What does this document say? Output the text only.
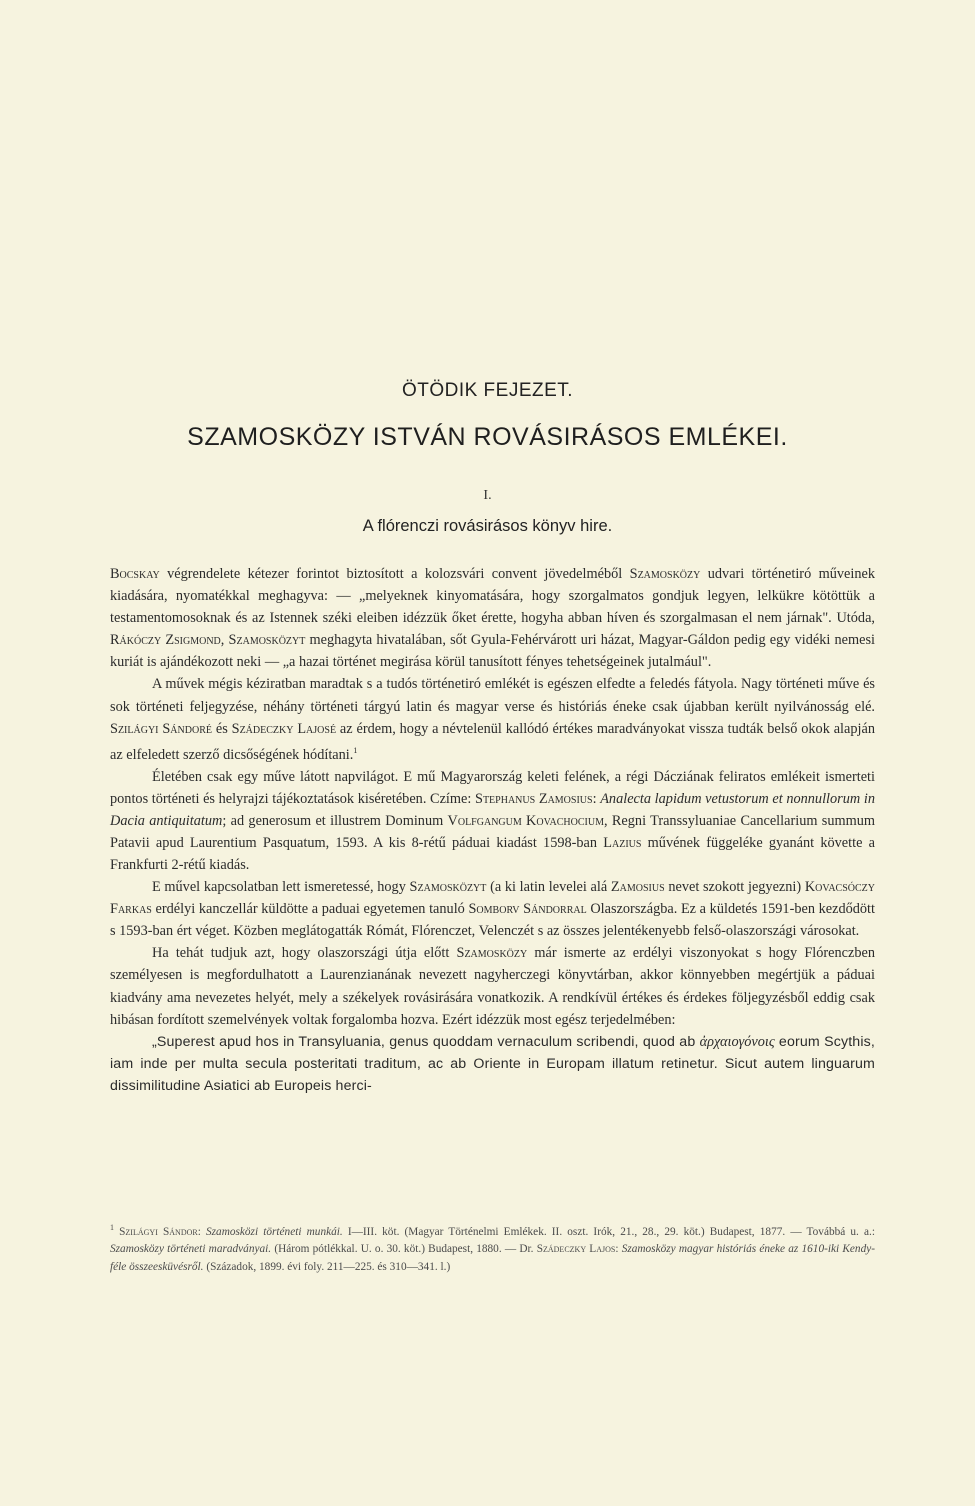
ÖTÖDIK FEJEZET.
SZAMOSKÖZY ISTVÁN ROVÁSIRÁSOS EMLÉKEI.
I.
A flórenczi rovásirásos könyv hire.

Bocskay végrendelete kétezer forintot biztosított a kolozsvári convent jövedelméből Szamosközy udvari történetiró műveinek kiadására, nyomatékkal meghagyva: — „melyeknek kinyomatására, hogy szorgalmatos gondjuk legyen, lelkükre kötöttük a testamentomosoknak és az Istennek széki eleiben idézzük őket érette, hogyha abban híven és szorgalmasan el nem járnak". Utóda, Rákóczy Zsigmond, Szamosközyt meghagyta hivatalában, sőt Gyula-Fehérvárott uri házat, Magyar-Gáldon pedig egy vidéki nemesi kuriát is ajándékozott neki — „a hazai történet megirása körül tanusított fényes tehetségeinek jutalmául".

A művek mégis kéziratban maradtak s a tudós történetiró emlékét is egészen elfedte a feledés fátyola. Nagy történeti műve és sok történeti feljegyzése, néhány történeti tárgyú latin és magyar verse és históriás éneke csak újabban került nyilvánosság elé. Szilágyi Sándoré és Szádeczky Lajosé az érdem, hogy a névtelenül kallódó értékes maradványokat vissza tudták belső okok alapján az elfeledett szerző dicsőségének hódítani.$^1$

Életében csak egy műve látott napvilágot. E mű Magyarország keleti felének, a régi Dácziának feliratos emlékeit ismerteti pontos történeti és helyrajzi tájékoztatások kiséretében. Czíme: Stephanus Zamosius: Analecta lapidum vetustorum et nonnullorum in Dacia antiquitatum; ad generosum et illustrem Dominum Volfgangum Kovachocium, Regni Transsyluaniae Cancellarium summum Patavii apud Laurentium Pasquatum, 1593. A kis 8-rétű páduai kiadást 1598-ban Lazius művének függeléke gyanánt követte a Frankfurti 2-rétű kiadás.

E művel kapcsolatban lett ismeretessé, hogy Szamosközyt (a ki latin levelei alá Zamosius nevet szokott jegyezni) Kovacsóczy Farkas erdélyi kanczellár küldötte a paduai egyetemen tanuló Somborv Sándorral Olaszországba. Ez a küldetés 1591-ben kezdődött s 1593-ban ért véget. Közben meglátogatták Rómát, Flórenczet, Velenczét s az összes jelentékenyebb felső-olaszországi városokat.

Ha tehát tudjuk azt, hogy olaszországi útja előtt Szamosközy már ismerte az erdélyi viszonyokat s hogy Flórenczben személyesen is megfordulhatott a Laurenzianának nevezett nagyherczegi könyvtárban, akkor könnyebben megértjük a páduai kiadvány ama nevezetes helyét, mely a székelyek rovásirására vonatkozik. A rendkívül értékes és érdekes följegyzésből eddig csak hibásan fordított szemelvények voltak forgalomba hozva. Ezért idézzük most egész terjedelmében:

„Superest apud hos in Transyluania, genus quoddam vernaculum scribendi, quod ab ἀρχαιογόνοις eorum Scythis, iam inde per multa secula posteritati traditum, ac ab Oriente in Europam illatum retinetur. Sicut autem linguarum dissimilitudine Asiatici ab Europeis herci-

$^1$ Szilágyi Sándor: Szamosközi történeti munkái. I—III. köt. (Magyar Történelmi Emlékek. II. oszt. Irók, 21., 28., 29. köt.) Budapest, 1877. — Továbbá u. a.: Szamosközy történeti maradványai. (Három pótlékkal. U. o. 30. köt.) Budapest, 1880. — Dr. Szádeczky Lajos: Szamosközy magyar históriás éneke az 1610-iki Kendy-féle összeesküvésről. (Századok, 1899. évi foly. 211—225. és 310—341. l.)
